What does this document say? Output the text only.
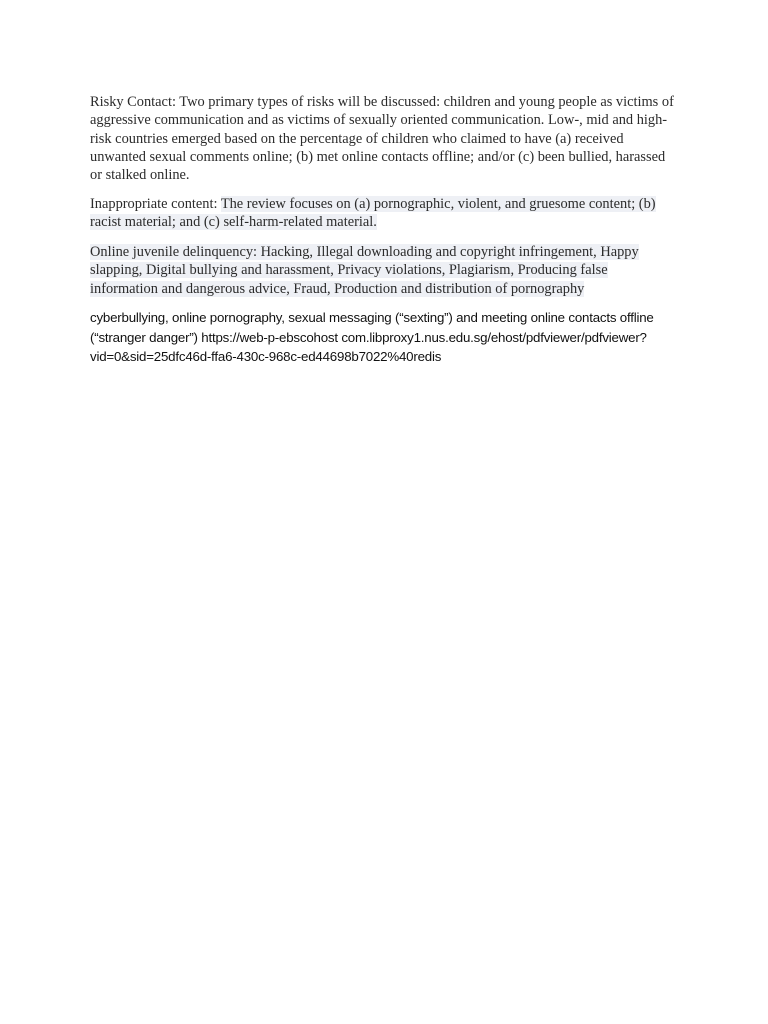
Risky Contact: Two primary types of risks will be discussed: children and young people as victims of
aggressive communication and as victims of sexually oriented communication. Low-, mid and high-
risk countries emerged based on the percentage of children who claimed to have (a) received
unwanted sexual comments online; (b) met online contacts offline; and/or (c) been bullied, harassed
or stalked online.

Inappropriate content: The review focuses on (a) pornographic, violent, and gruesome content; (b)
racist material; and (c) self-harm-related material.

Online juvenile delinquency: Hacking, Illegal downloading and copyright infringement, Happy
slapping, Digital bullying and harassment, Privacy violations, Plagiarism, Producing false
information and dangerous advice, Fraud, Production and distribution of pornography

cyberbullying, online pornography, sexual messaging (“sexting”) and meeting online contacts offline
(“stranger danger”) https://web-p-ebscohost com.libproxy1.nus.edu.sg/ehost/pdfviewer/pdfviewer?
vid=0&sid=25dfc46d-ffa6-430c-968c-ed44698b7022%40redis
